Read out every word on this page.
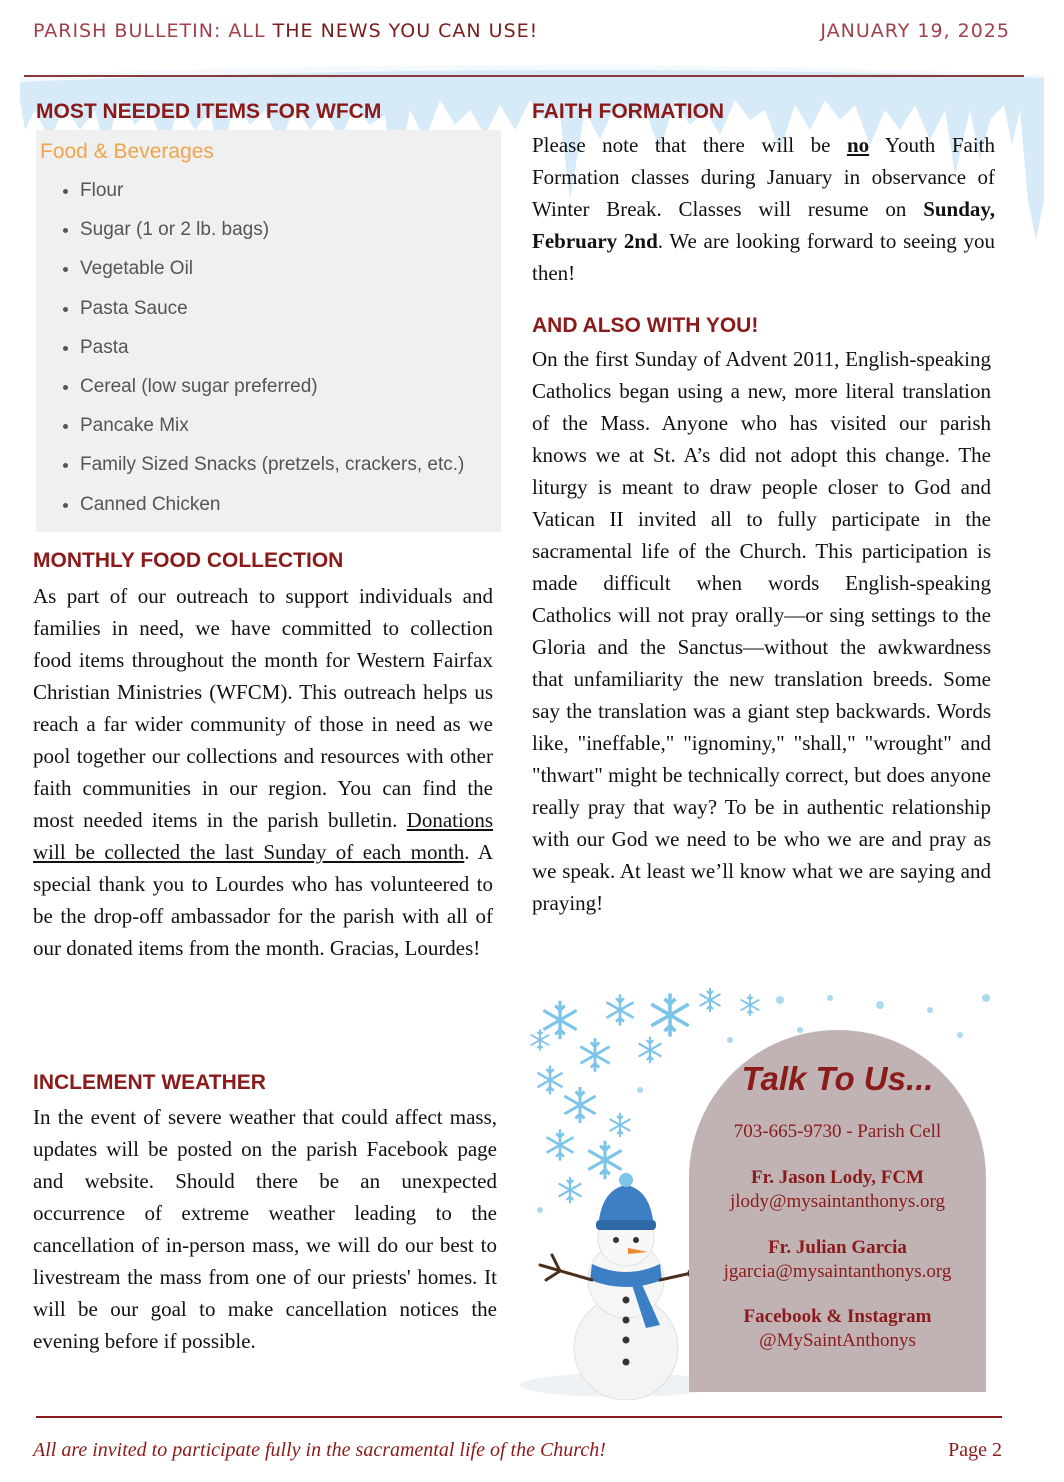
PARISH BULLETIN: ALL THE NEWS YOU CAN USE!	JANUARY 19, 2025
MOST NEEDED ITEMS FOR WFCM
Food & Beverages
• Flour
• Sugar (1 or 2 lb. bags)
• Vegetable Oil
• Pasta Sauce
• Pasta
• Cereal (low sugar preferred)
• Pancake Mix
• Family Sized Snacks (pretzels, crackers, etc.)
• Canned Chicken
MONTHLY FOOD COLLECTION
As part of our outreach to support individuals and families in need, we have committed to collection food items throughout the month for Western Fairfax Christian Ministries (WFCM). This outreach helps us reach a far wider community of those in need as we pool together our collections and resources with other faith communities in our region. You can find the most needed items in the parish bulletin. Donations will be collected the last Sunday of each month. A special thank you to Lourdes who has volunteered to be the drop-off ambassador for the parish with all of our donated items from the month. Gracias, Lourdes!
INCLEMENT WEATHER
In the event of severe weather that could affect mass, updates will be posted on the parish Facebook page and website. Should there be an unexpected occurrence of extreme weather leading to the cancellation of in-person mass, we will do our best to livestream the mass from one of our priests' homes. It will be our goal to make cancellation notices the evening before if possible.
FAITH FORMATION
Please note that there will be no Youth Faith Formation classes during January in observance of Winter Break. Classes will resume on Sunday, February 2nd. We are looking forward to seeing you then!
AND ALSO WITH YOU!
On the first Sunday of Advent 2011, English-speaking Catholics began using a new, more literal translation of the Mass. Anyone who has visited our parish knows we at St. A’s did not adopt this change. The liturgy is meant to draw people closer to God and Vatican II invited all to fully participate in the sacramental life of the Church. This participation is made difficult when words English-speaking Catholics will not pray orally—or sing settings to the Gloria and the Sanctus—without the awkwardness that unfamiliarity the new translation breeds. Some say the translation was a giant step backwards. Words like, "ineffable," "ignominy," "shall," "wrought" and "thwart" might be technically correct, but does anyone really pray that way? To be in authentic relationship with our God we need to be who we are and pray as we speak. At least we’ll know what we are saying and praying!
Talk To Us...
703-665-9730 - Parish Cell
Fr. Jason Lody, FCM
jlody@mysaintanthonys.org
Fr. Julian Garcia
jgarcia@mysaintanthonys.org
Facebook & Instagram
@MySaintAnthonys
All are invited to participate fully in the sacramental life of the Church!	Page 2
